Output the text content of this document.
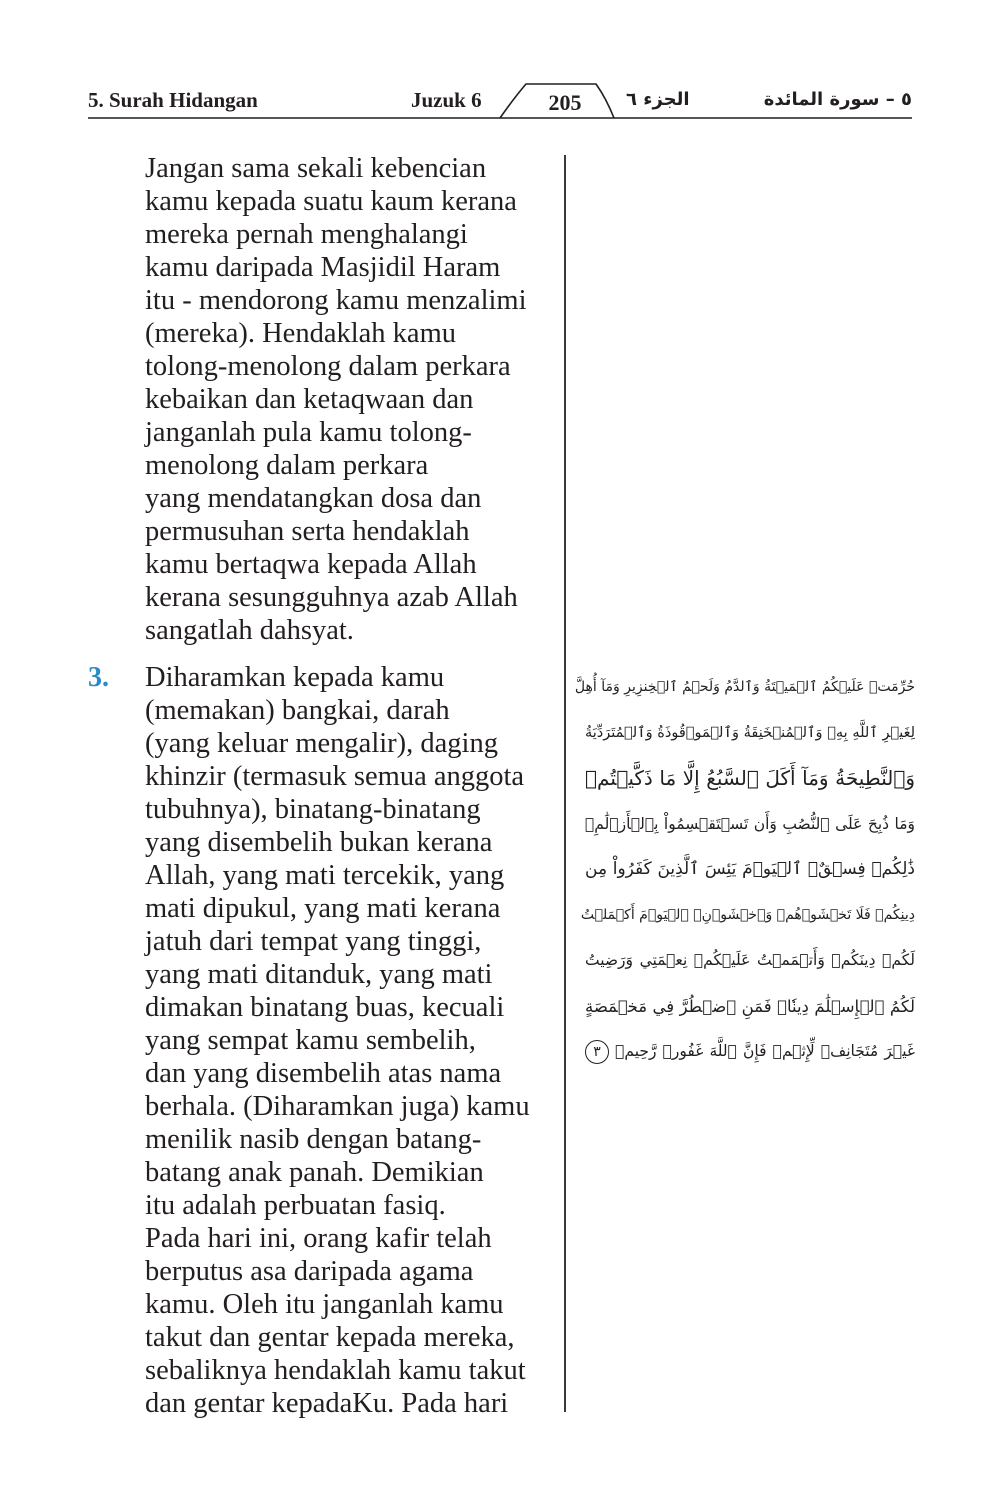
5. Surah Hidangan	Juzuk 6	205	الجزء ٦	٥ – سورة المائدة
Jangan sama sekali kebencian
kamu kepada suatu kaum kerana
mereka pernah menghalangi
kamu daripada Masjidil Haram
itu - mendorong kamu menzalimi
(mereka). Hendaklah kamu
tolong-menolong dalam perkara
kebaikan dan ketaqwaan dan
janganlah pula kamu tolong-
menolong dalam perkara
yang mendatangkan dosa dan
permusuhan serta hendaklah
kamu bertaqwa kepada Allah
kerana sesungguhnya azab Allah
sangatlah dahsyat.
3. Diharamkan kepada kamu
(memakan) bangkai, darah
(yang keluar mengalir), daging
khinzir (termasuk semua anggota
tubuhnya), binatang-binatang
yang disembelih bukan kerana
Allah, yang mati tercekik, yang
mati dipukul, yang mati kerana
jatuh dari tempat yang tinggi,
yang mati ditanduk, yang mati
dimakan binatang buas, kecuali
yang sempat kamu sembelih,
dan yang disembelih atas nama
berhala. (Diharamkan juga) kamu
menilik nasib dengan batang-
batang anak panah. Demikian
itu adalah perbuatan fasiq.
Pada hari ini, orang kafir telah
berputus asa daripada agama
kamu. Oleh itu janganlah kamu
takut dan gentar kepada mereka,
sebaliknya hendaklah kamu takut
dan gentar kepadaKu. Pada hari
حُرِّمَتۡ عَلَيۡكُمُ ٱلۡمَيۡتَةُ وَٱلدَّمُ وَلَحۡمُ ٱلۡخِنزِيرِ وَمَآ أُهِلَّ
لِغَيۡرِ ٱللَّهِ بِهِۦ وَٱلۡمُنۡخَنِقَةُ وَٱلۡمَوۡقُوذَةُ وَٱلۡمُتَرَدِّيَةُ
وَٱلنَّطِيحَةُ وَمَآ أَكَلَ ٱلسَّبُعُ إِلَّا مَا ذَكَّيۡتُمۡ
وَمَا ذُبِحَ عَلَى ٱلنُّصُبِ وَأَن تَسۡتَقۡسِمُواْ بِٱلۡأَزۡلَٰمِۚ
ذَٰلِكُمۡ فِسۡقٌۗ ٱلۡيَوۡمَ يَئِسَ ٱلَّذِينَ كَفَرُواْ مِن
دِينِكُمۡ فَلَا تَخۡشَوۡهُمۡ وَٱخۡشَوۡنِۚ ٱلۡيَوۡمَ أَكۡمَلۡتُ
لَكُمۡ دِينَكُمۡ وَأَتۡمَمۡتُ عَلَيۡكُمۡ نِعۡمَتِي وَرَضِيتُ
لَكُمُ ٱلۡإِسۡلَٰمَ دِينٗاۚ فَمَنِ ٱضۡطُرَّ فِي مَخۡمَصَةٍ
غَيۡرَ مُتَجَانِفٖ لِّإِثۡمٖ فَإِنَّ ٱللَّهَ غَفُورٞ رَّحِيمٞ ٣
